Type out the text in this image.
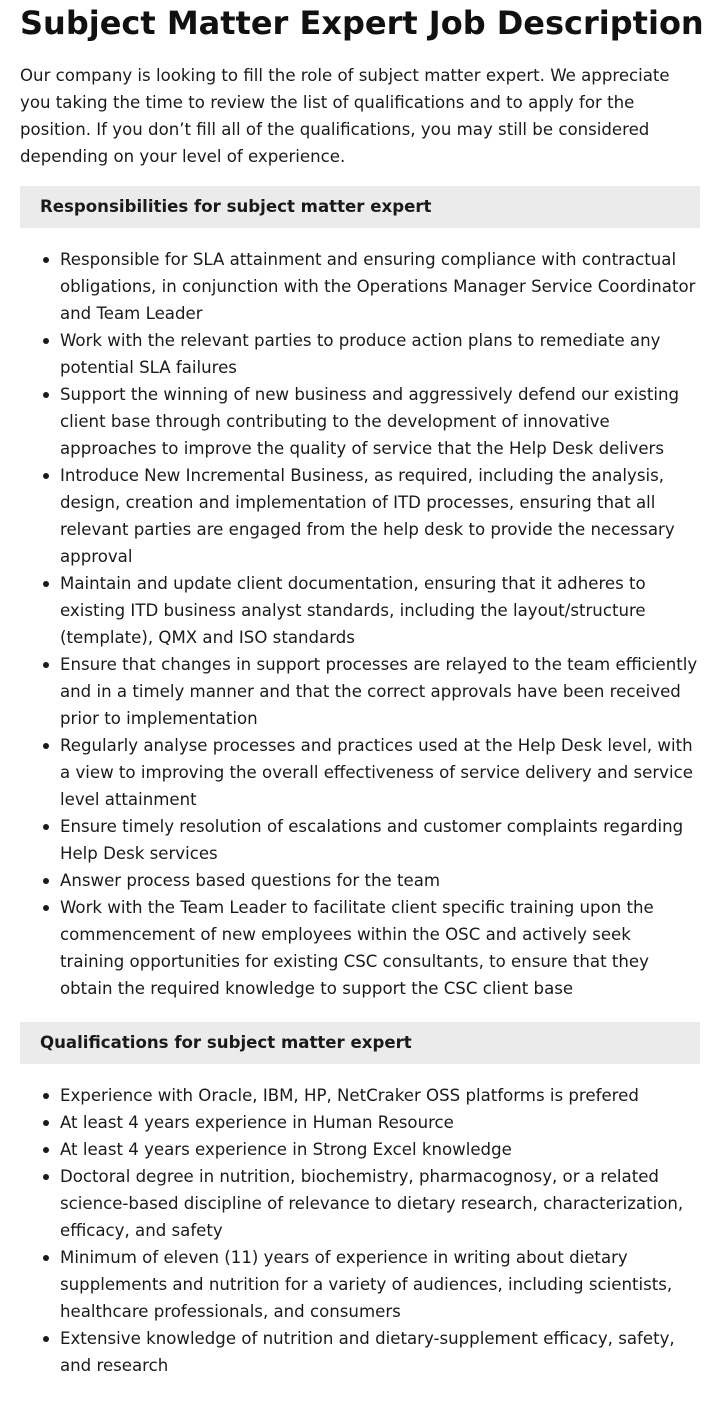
Subject Matter Expert Job Description

Our company is looking to fill the role of subject matter expert. We appreciate you taking the time to review the list of qualifications and to apply for the position. If you don’t fill all of the qualifications, you may still be considered depending on your level of experience.

Responsibilities for subject matter expert
Responsible for SLA attainment and ensuring compliance with contractual obligations, in conjunction with the Operations Manager Service Coordinator and Team Leader
Work with the relevant parties to produce action plans to remediate any potential SLA failures
Support the winning of new business and aggressively defend our existing client base through contributing to the development of innovative approaches to improve the quality of service that the Help Desk delivers
Introduce New Incremental Business, as required, including the analysis, design, creation and implementation of ITD processes, ensuring that all relevant parties are engaged from the help desk to provide the necessary approval
Maintain and update client documentation, ensuring that it adheres to existing ITD business analyst standards, including the layout/structure (template), QMX and ISO standards
Ensure that changes in support processes are relayed to the team efficiently and in a timely manner and that the correct approvals have been received prior to implementation
Regularly analyse processes and practices used at the Help Desk level, with a view to improving the overall effectiveness of service delivery and service level attainment
Ensure timely resolution of escalations and customer complaints regarding Help Desk services
Answer process based questions for the team
Work with the Team Leader to facilitate client specific training upon the commencement of new employees within the OSC and actively seek training opportunities for existing CSC consultants, to ensure that they obtain the required knowledge to support the CSC client base
Qualifications for subject matter expert
Experience with Oracle, IBM, HP, NetCraker OSS platforms is prefered
At least 4 years experience in Human Resource
At least 4 years experience in Strong Excel knowledge
Doctoral degree in nutrition, biochemistry, pharmacognosy, or a related science-based discipline of relevance to dietary research, characterization, efficacy, and safety
Minimum of eleven (11) years of experience in writing about dietary supplements and nutrition for a variety of audiences, including scientists, healthcare professionals, and consumers
Extensive knowledge of nutrition and dietary-supplement efficacy, safety, and research
